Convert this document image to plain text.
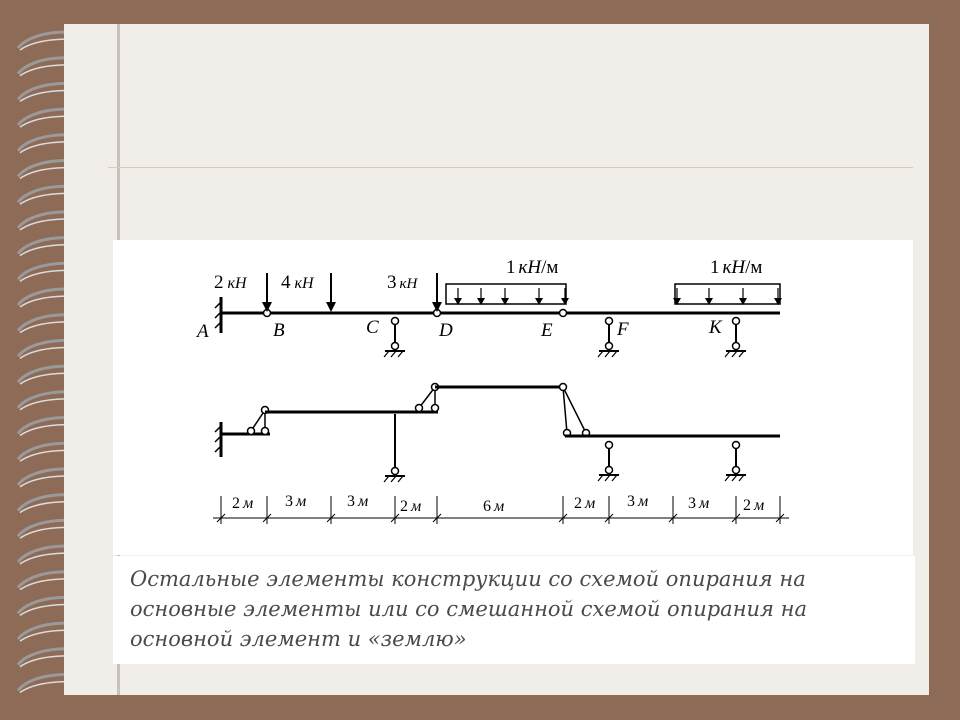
2 кН 4 кН	3 кН
1 кН/м	1 кН/м
A	B	C	D	E	F	K
2 м 3 м	3 м 2 м	6 м	2 м 3 м 3 м 2 м

Остальные элементы конструкции со схемой опирания на основные элементы или со смешанной схемой опирания на основной элемент и «землю»
